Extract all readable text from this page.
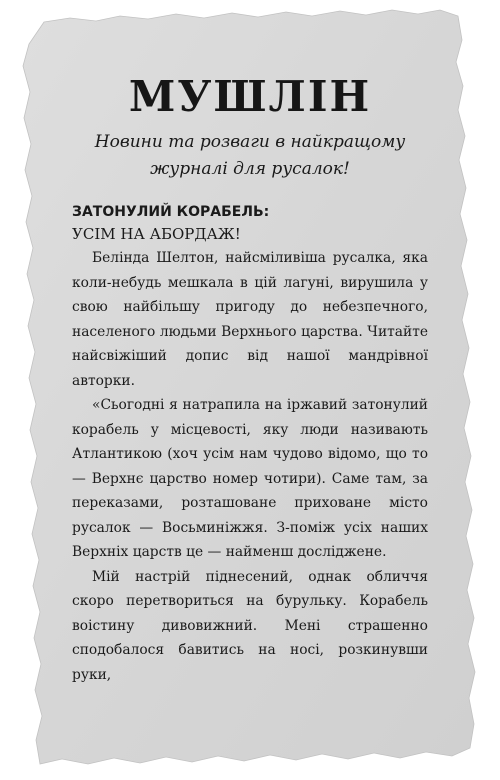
МУШЛІН
Новини та розваги в найкращому журналі для русалок!
ЗАТОНУЛИЙ КОРАБЕЛЬ:
УСІМ НА АБОРДАЖ!

Белінда Шелтон, найсміливіша русалка, яка коли-небудь мешкала в цій лагуні, вирушила у свою найбільшу пригоду до небезпечного, населеного людьми Верхнього царства. Читайте найсвіжіший допис від нашої мандрівної авторки.

«Сьогодні я натрапила на іржавий затонулий корабель у місцевості, яку люди називають Атлантикою (хоч усім нам чудово відомо, що то — Верхнє царство номер чотири). Саме там, за переказами, розташоване приховане місто русалок — Восьминіжжя. З-поміж усіх наших Верхніх царств це — найменш досліджене.

Мій настрій піднесений, однак обличчя скоро перетвориться на бурульку. Корабель воістину дивовижний. Мені страшенно сподобалося бавитись на носі, розкинувши руки,
